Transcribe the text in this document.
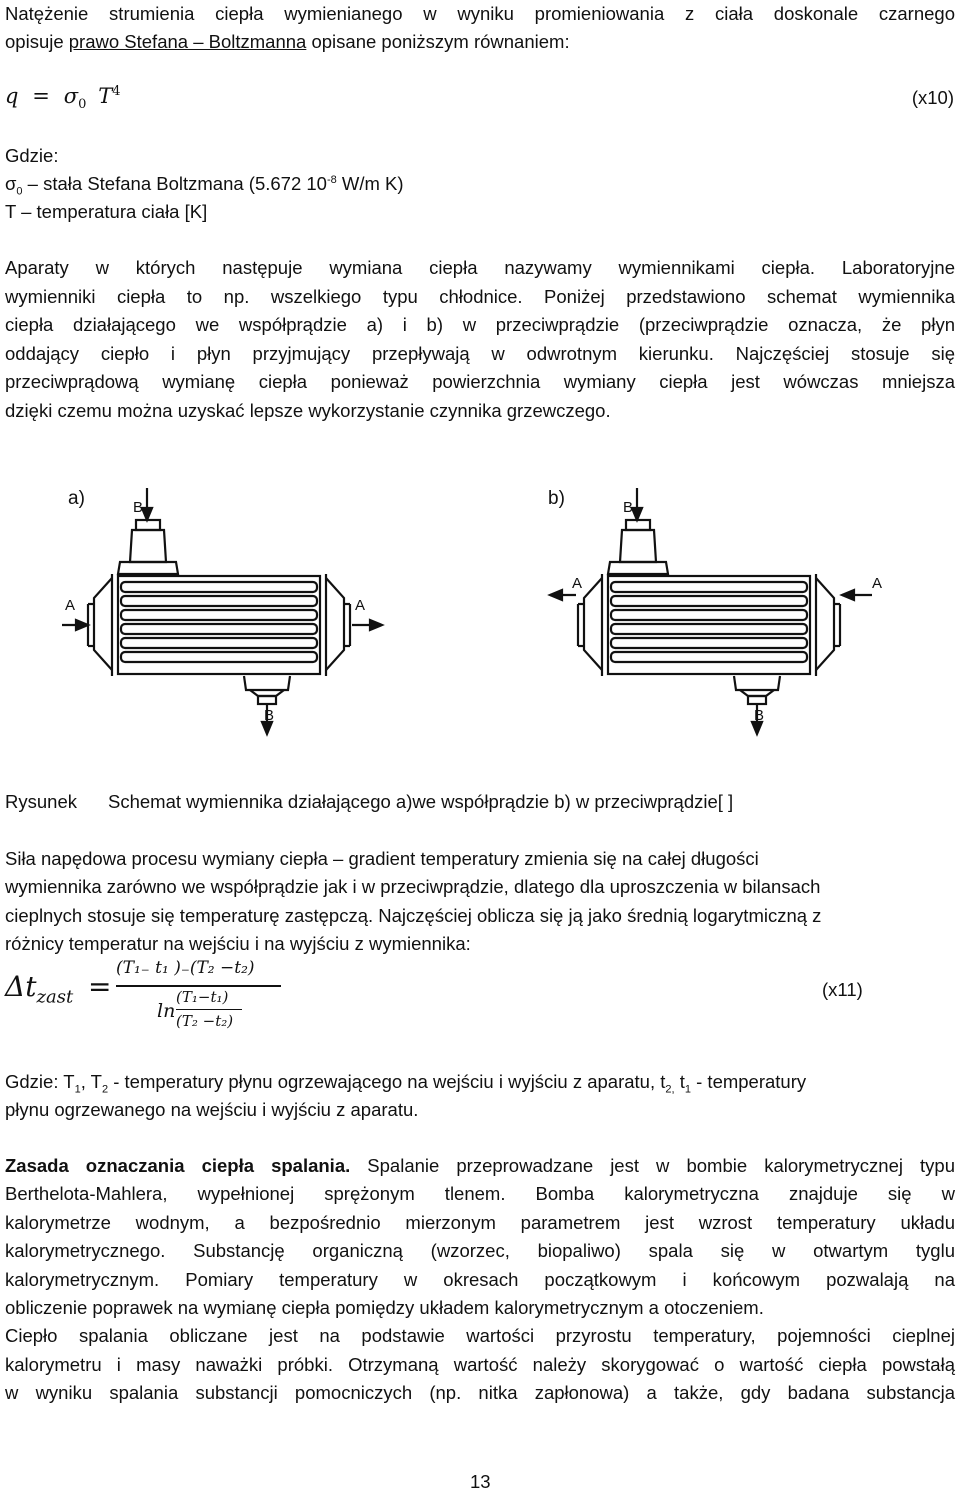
Natężenie strumienia ciepła wymienianego w wyniku promieniowania z ciała doskonale czarnego
opisuje prawo Stefana – Boltzmanna opisane poniższym równaniem:
$q = \sigma_0$ $T^4$	(x10)
Gdzie:
$\sigma_0$ – stała Stefana Boltzmana (5.672 $10^{-8}$ W/m K)
T – temperatura ciała [K]
Aparaty w których następuje wymiana ciepła nazywamy wymiennikami ciepła. Laboratoryjne
wymienniki ciepła to np. wszelkiego typu chłodnice. Poniżej przedstawiono schemat wymiennika
ciepła działającego we współprądzie a) i b) w przeciwprądzie (przeciwprądzie oznacza, że płyn
oddający ciepło i płyn przyjmujący przepływają w odwrotnym kierunku. Najczęściej stosuje się
przeciwprądową wymianę ciepła ponieważ powierzchnia wymiany ciepła jest wówczas mniejsza
dzięki czemu można uzyskać lepsze wykorzystanie czynnika grzewczego.
a)	b)
B
A	A
B
B
A	A
B
Rysunek Schemat wymiennika działającego a)we współprądzie b) w przeciwprądzie[ ]
Siła napędowa procesu wymiany ciepła – gradient temperatury zmienia się na całej długości
wymiennika zarówno we współprądzie jak i w przeciwprądzie, dlatego dla uproszczenia w bilansach
cieplnych stosuje się temperaturę zastępczą. Najczęściej oblicza się ją jako średnią logarytmiczną z
różnicy temperatur na wejściu i na wyjściu z wymiennika:
$\Delta t_{zast}$ =
(T₁₋ t₁ )₋(T₂ −t₂)
ln
(T₁−t₁)
(T₂ −t₂)
(x11)
Gdzie: $T_1$, $T_2$ - temperatury płynu ogrzewającego na wejściu i wyjściu z aparatu, $t_{2,}$ $t_1$ - temperatury
płynu ogrzewanego na wejściu i wyjściu z aparatu.
Zasada oznaczania ciepła spalania. Spalanie przeprowadzane jest w bombie kalorymetrycznej typu
Berthelota-Mahlera, wypełnionej sprężonym tlenem. Bomba kalorymetryczna znajduje się w
kalorymetrze wodnym, a bezpośrednio mierzonym parametrem jest wzrost temperatury układu
kalorymetrycznego. Substancję organiczną (wzorzec, biopaliwo) spala się w otwartym tyglu
kalorymetrycznym. Pomiary temperatury w okresach początkowym i końcowym pozwalają na
obliczenie poprawek na wymianę ciepła pomiędzy układem kalorymetrycznym a otoczeniem.
Ciepło spalania obliczane jest na podstawie wartości przyrostu temperatury, pojemności cieplnej
kalorymetru i masy naważki próbki. Otrzymaną wartość należy skorygować o wartość ciepła powstałą
w wyniku spalania substancji pomocniczych (np. nitka zapłonowa) a także, gdy badana substancja
13
